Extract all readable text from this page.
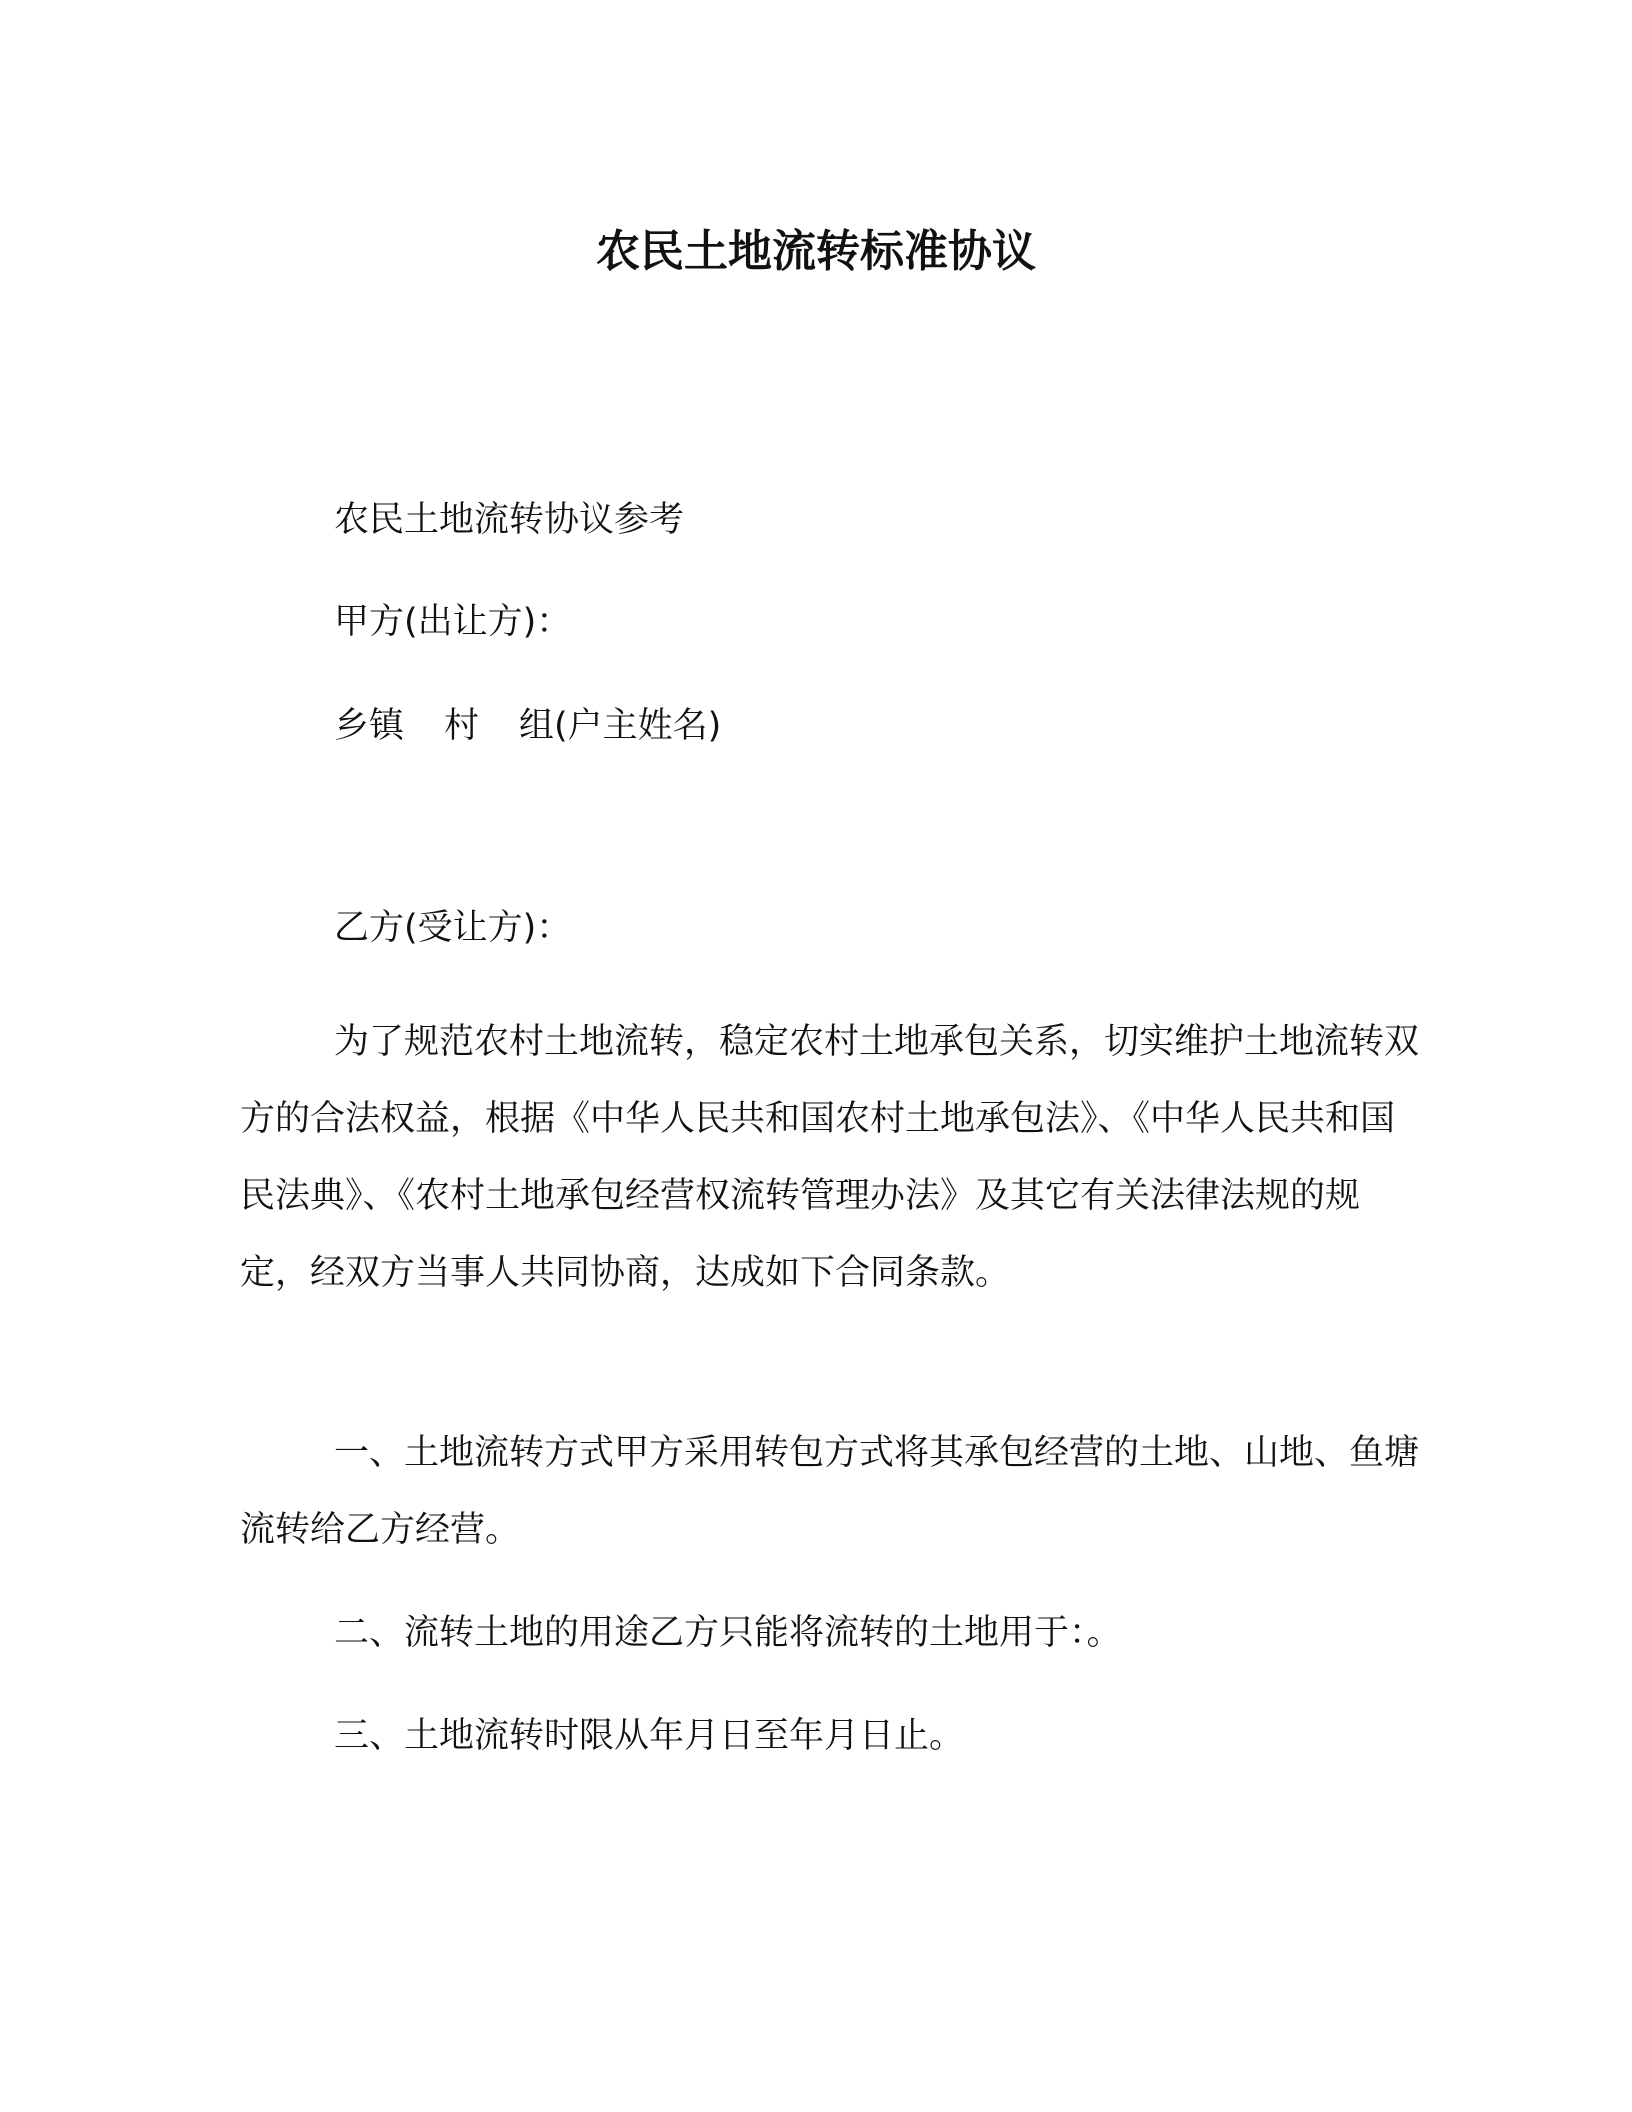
农民土地流转标准协议

农民土地流转协议参考

甲方(出让方)：

乡镇 村 组(户主姓名)

乙方(受让方)：

为了规范农村土地流转，稳定农村土地承包关系，切实维护土地流转双方的合法权益，根据《中华人民共和国农村土地承包法》、《中华人民共和国民法典》、《农村土地承包经营权流转管理办法》及其它有关法律法规的规定，经双方当事人共同协商，达成如下合同条款。
一、土地流转方式甲方采用转包方式将其承包经营的土地、山地、鱼塘流转给乙方经营。
二、流转土地的用途乙方只能将流转的土地用于：。
三、土地流转时限从年月日至年月日止。
